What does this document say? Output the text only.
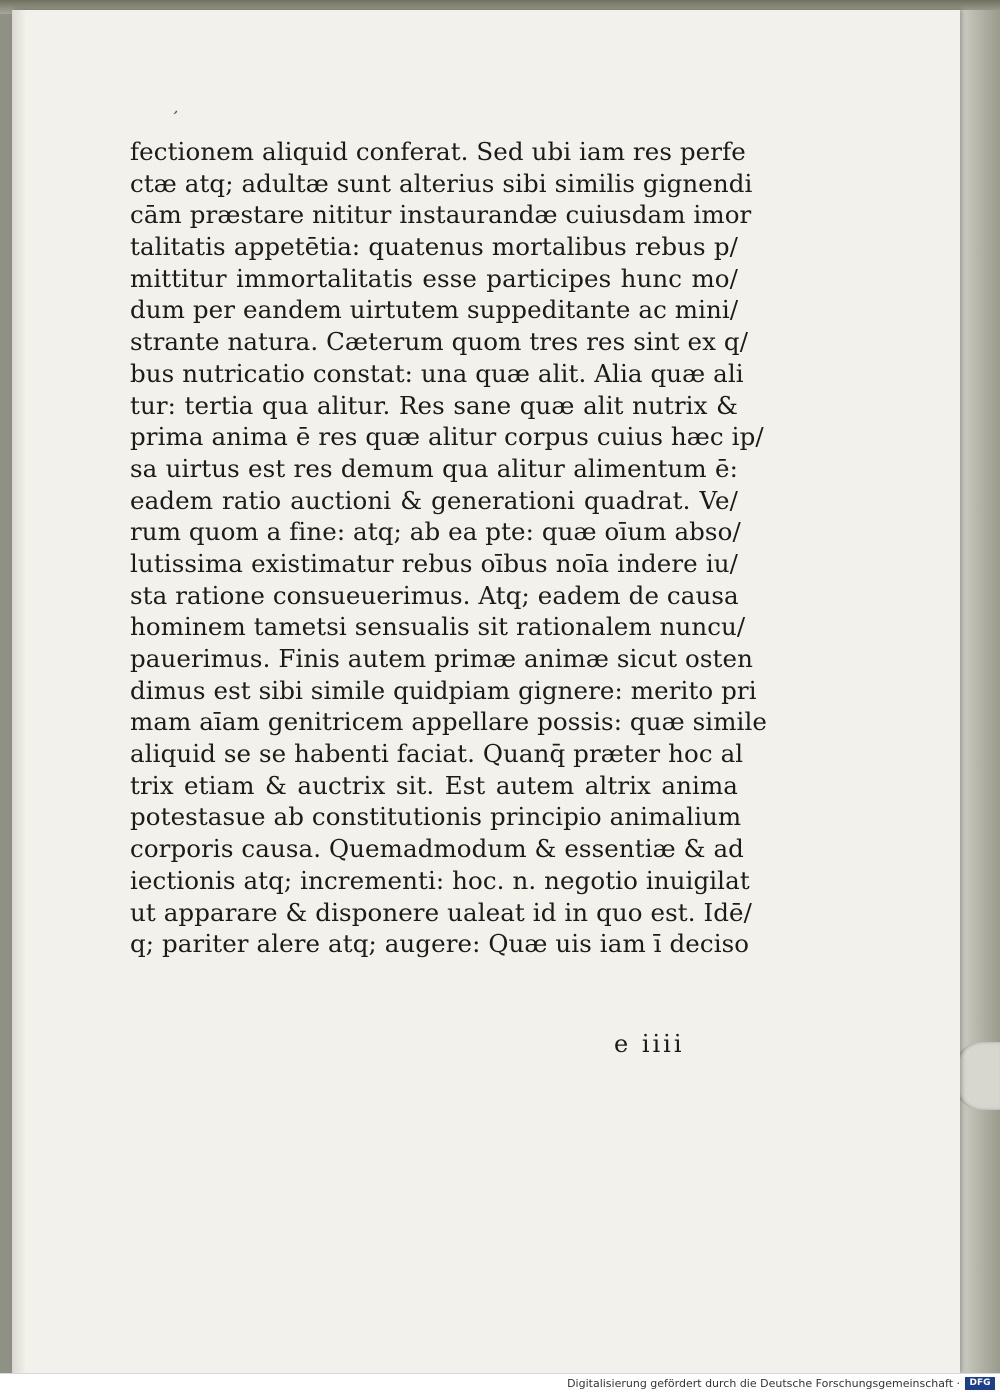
ʼ
fectionem aliquid conferat. Sed ubi iam res perfe
ctæ atq; adultæ sunt alterius sibi similis gignendi
cām præstare nititur instaurandæ cuiusdam imor
talitatis appetētia: quatenus mortalibus rebus p/
mittitur immortalitatis esse participes hunc mo/
dum per eandem uirtutem suppeditante ac mini/
strante natura. Cæterum quom tres res sint ex q/
bus nutricatio constat: una quæ alit. Alia quæ ali
tur: tertia qua alitur. Res sane quæ alit nutrix &
prima anima ē res quæ alitur corpus cuius hæc ip/
sa uirtus est res demum qua alitur alimentum ē:
eadem ratio auctioni & generationi quadrat. Ve/
rum quom a fine: atq; ab ea pte: quæ oīum abso/
lutissima existimatur rebus oībus noīa indere iu/
sta ratione consueuerimus. Atq; eadem de causa
hominem tametsi sensualis sit rationalem nuncu/
pauerimus. Finis autem primæ animæ sicut osten
dimus est sibi simile quidpiam gignere: merito pri
mam aīam genitricem appellare possis: quæ simile
aliquid se se habenti faciat. Quanq̄ præter hoc al
trix etiam & auctrix sit. Est autem altrix anima
potestasue ab constitutionis principio animalium
corporis causa. Quemadmodum & essentiæ & ad
iectionis atq; incrementi: hoc. n. negotio inuigilat
ut apparare & disponere ualeat id in quo est. Idē/
q; pariter alere atq; augere: Quæ uis iam ī deciso
e iiii
Digitalisierung gefördert durch die Deutsche Forschungsgemeinschaft ·	DFG
